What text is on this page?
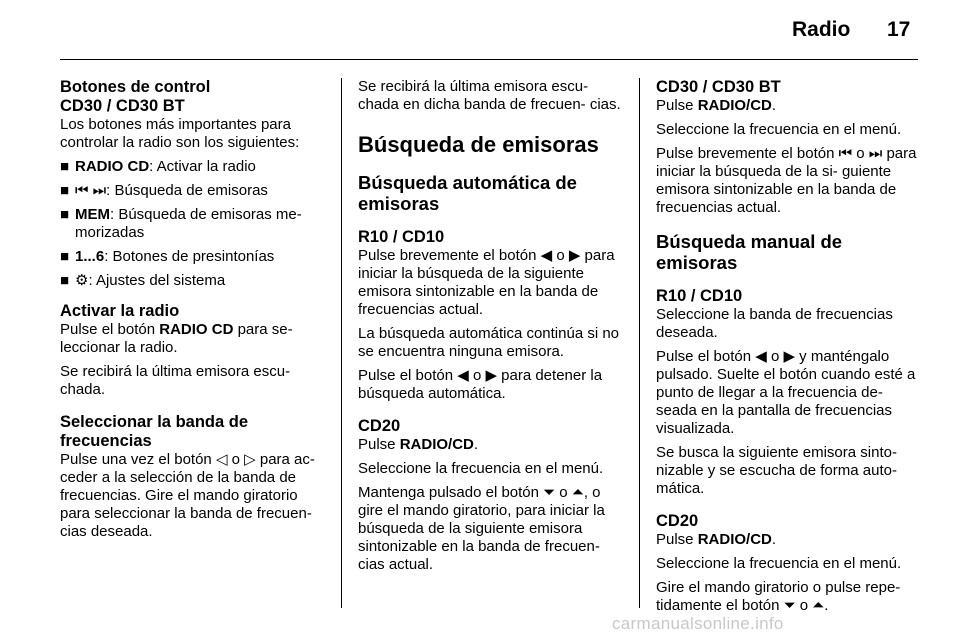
Radio 17
Botones de control
CD30 / CD30 BT
Los botones más importantes para controlar la radio son los siguientes:
■ RADIO CD: Activar la radio
■ ⏮ ⏭: Búsqueda de emisoras
■ MEM: Búsqueda de emisoras me- morizadas
■ 1...6: Botones de presintonías
■ ⚙: Ajustes del sistema
Activar la radio
Pulse el botón RADIO CD para se- leccionar la radio.
Se recibirá la última emisora escu- chada.
Seleccionar la banda de frecuencias
Pulse una vez el botón ◁ o ▷ para ac- ceder a la selección de la banda de frecuencias. Gire el mando giratorio para seleccionar la banda de frecuen- cias deseada.
Se recibirá la última emisora escu- chada en dicha banda de frecuen- cias.
Búsqueda de emisoras
Búsqueda automática de emisoras
R10 / CD10
Pulse brevemente el botón ◀ o ▶ para iniciar la búsqueda de la siguiente emisora sintonizable en la banda de frecuencias actual.
La búsqueda automática continúa si no se encuentra ninguna emisora.
Pulse el botón ◀ o ▶ para detener la búsqueda automática.
CD20
Pulse RADIO/CD.
Seleccione la frecuencia en el menú.
Mantenga pulsado el botón ⏷ o ⏶, o gire el mando giratorio, para iniciar la búsqueda de la siguiente emisora sintonizable en la banda de frecuen- cias actual.
CD30 / CD30 BT
Pulse RADIO/CD.
Seleccione la frecuencia en el menú.
Pulse brevemente el botón ⏮ o ⏭ para iniciar la búsqueda de la si- guiente emisora sintonizable en la banda de frecuencias actual.
Búsqueda manual de emisoras
R10 / CD10
Seleccione la banda de frecuencias deseada.
Pulse el botón ◀ o ▶ y manténgalo pulsado. Suelte el botón cuando esté a punto de llegar a la frecuencia de- seada en la pantalla de frecuencias visualizada.
Se busca la siguiente emisora sinto- nizable y se escucha de forma auto- mática.
CD20
Pulse RADIO/CD.
Seleccione la frecuencia en el menú.
Gire el mando giratorio o pulse repe- tidamente el botón ⏷ o ⏶.
carmanualsonline.info
